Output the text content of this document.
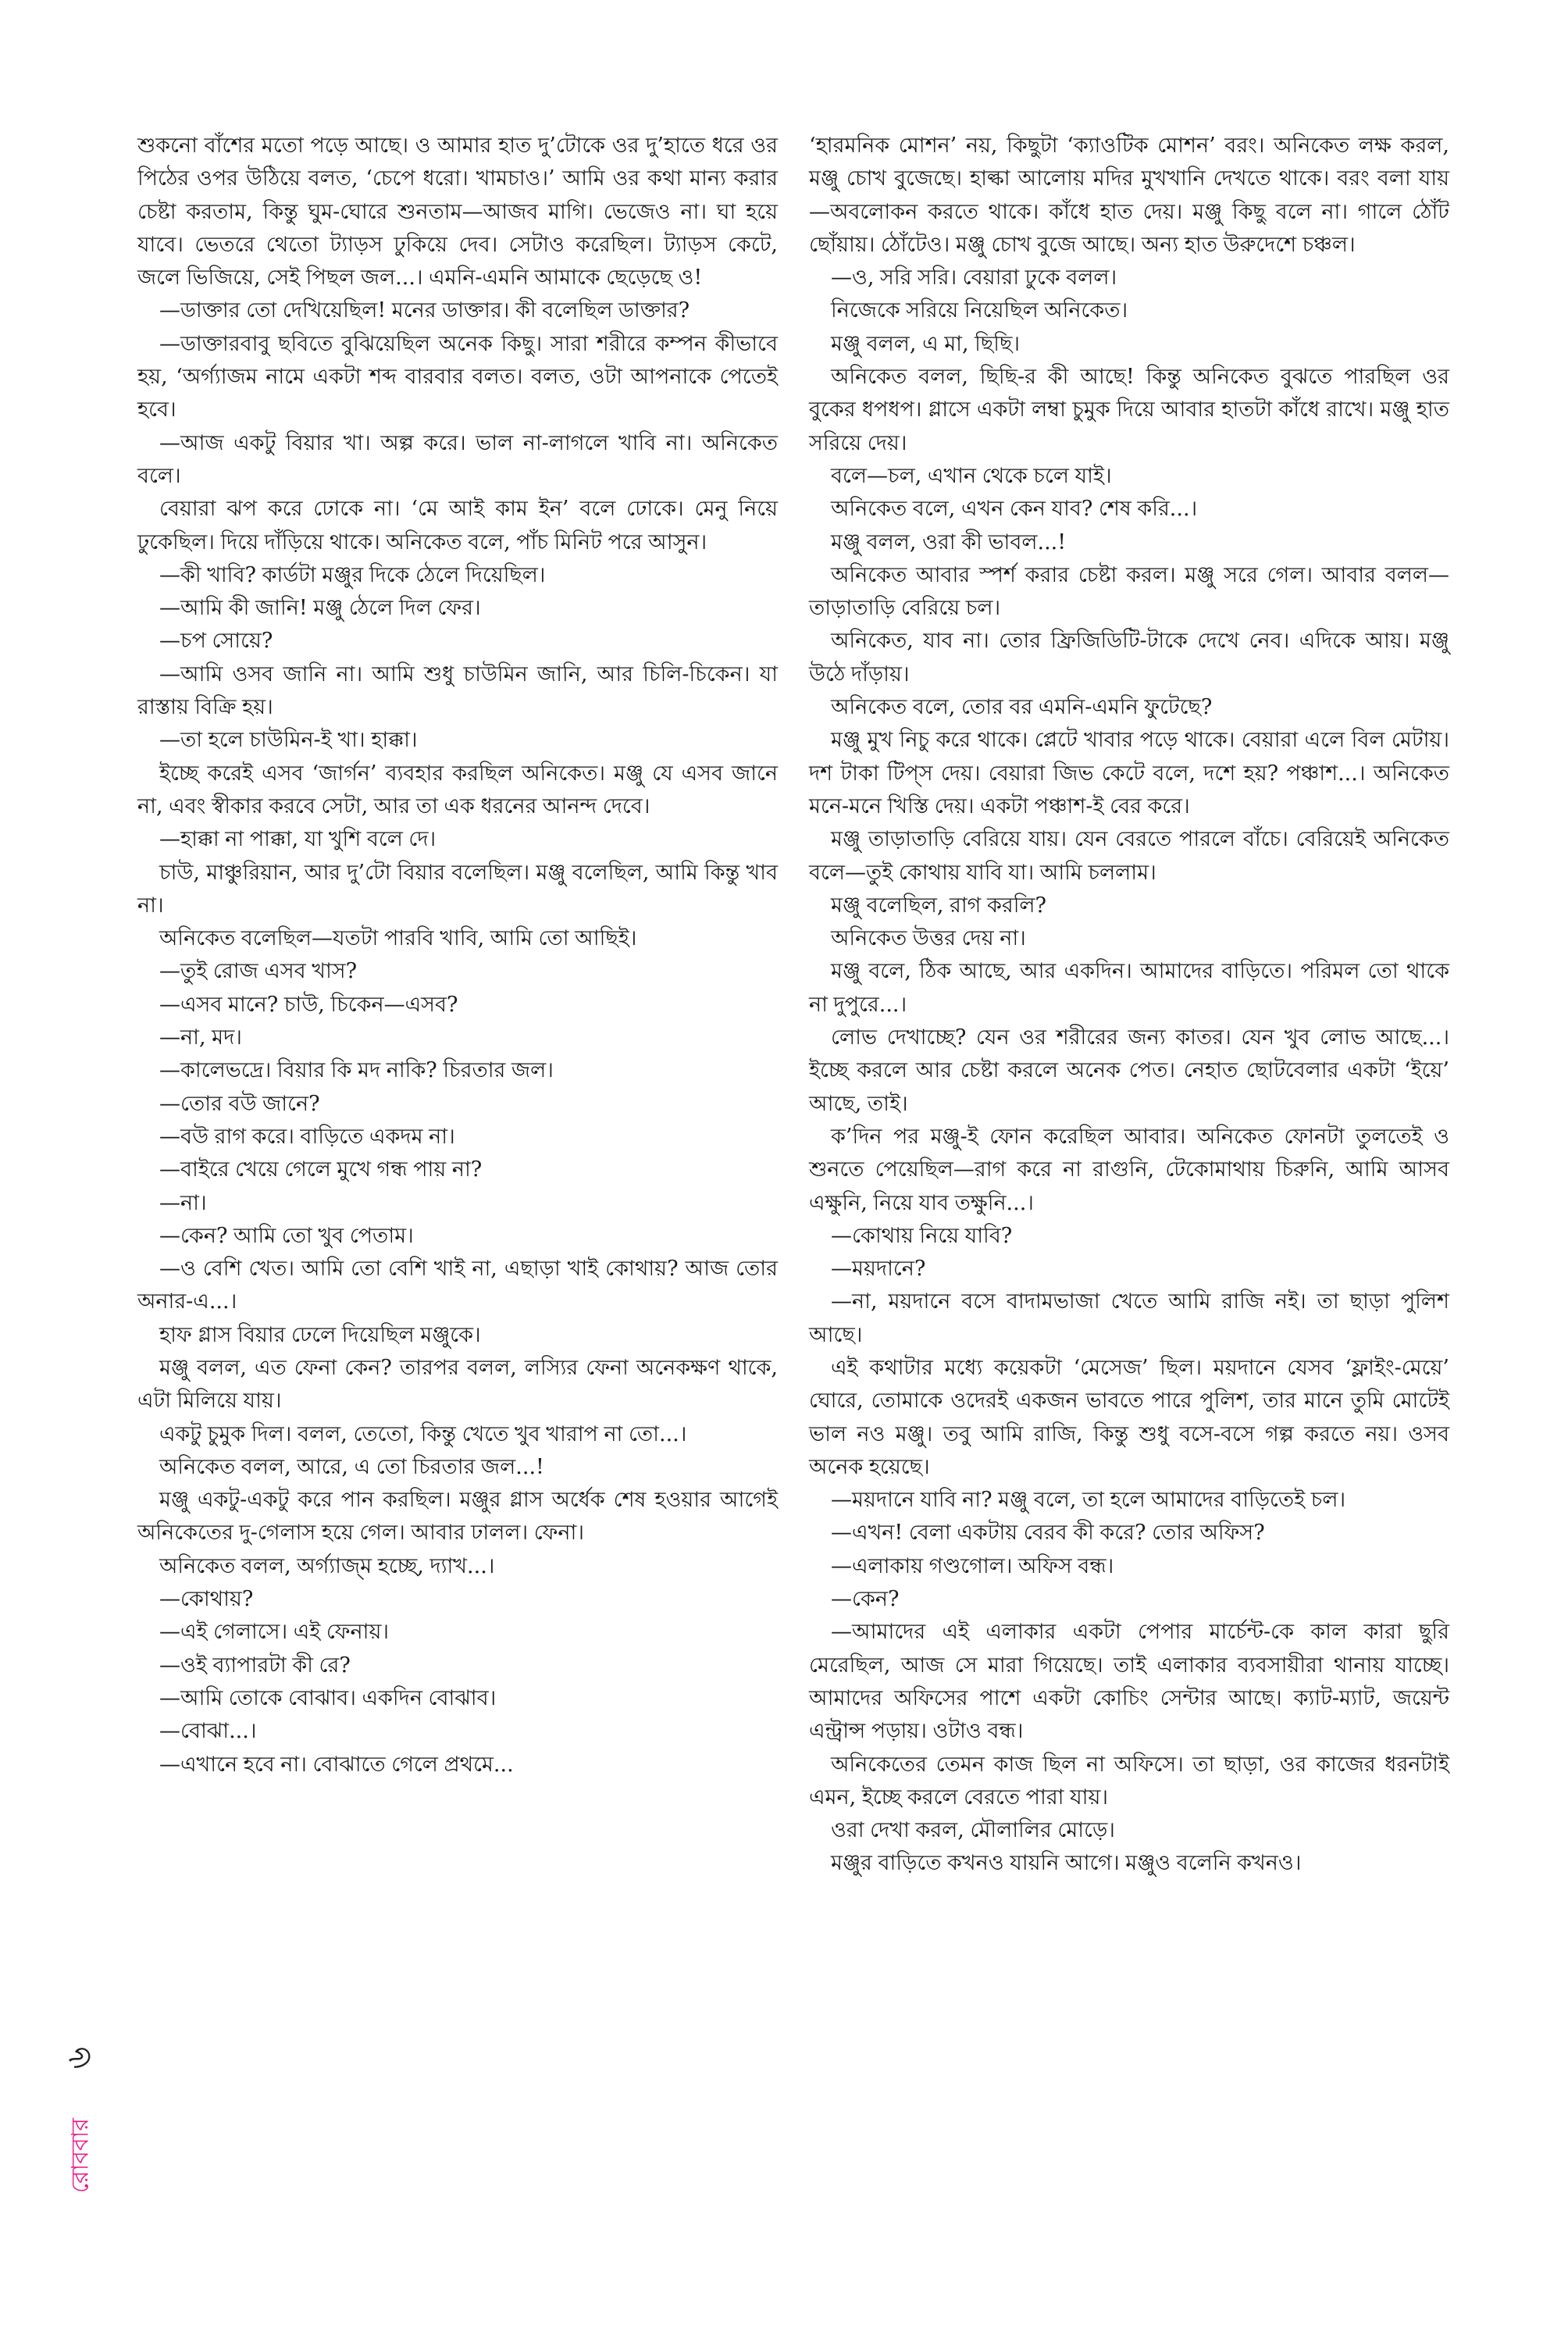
শুকনো বাঁশের মতো পড়ে আছে। ও আমার হাত দু’টোকে ওর দু’হাতে ধরে ওর পিঠের ওপর উঠিয়ে বলত, ‘চেপে ধরো। খামচাও।’ আমি ওর কথা মান্য করার চেষ্টা করতাম, কিন্তু ঘুম-ঘোরে শুনতাম—আজব মাগি। ভেজেও না। ঘা হয়ে যাবে। ভেতরে থেতো ট্যাড়স ঢুকিয়ে দেব। সেটাও করেছিল। ট্যাড়স কেটে, জলে ভিজিয়ে, সেই পিছল জল...। এমনি-এমনি আমাকে ছেড়েছে ও!

—ডাক্তার তো দেখিয়েছিল! মনের ডাক্তার। কী বলেছিল ডাক্তার?

—ডাক্তারবাবু ছবিতে বুঝিয়েছিল অনেক কিছু। সারা শরীরে কম্পন কীভাবে হয়, ‘অর্গ্যাজম নামে একটা শব্দ বারবার বলত। বলত, ওটা আপনাকে পেতেই হবে।

—আজ একটু বিয়ার খা। অল্প করে। ভাল না-লাগলে খাবি না। অনিকেত বলে।

বেয়ারা ঝপ করে ঢোকে না। ‘মে আই কাম ইন’ বলে ঢোকে। মেনু নিয়ে ঢুকেছিল। দিয়ে দাঁড়িয়ে থাকে। অনিকেত বলে, পাঁচ মিনিট পরে আসুন।

—কী খাবি? কার্ডটা মঞ্জুর দিকে ঠেলে দিয়েছিল।

—আমি কী জানি! মঞ্জু ঠেলে দিল ফের।

—চপ সোয়ে?

—আমি ওসব জানি না। আমি শুধু চাউমিন জানি, আর চিলি-চিকেন। যা রাস্তায় বিক্রি হয়।

—তা হলে চাউমিন-ই খা। হাক্কা।

ইচ্ছে করেই এসব ‘জার্গন’ ব্যবহার করছিল অনিকেত। মঞ্জু যে এসব জানে না, এবং স্বীকার করবে সেটা, আর তা এক ধরনের আনন্দ দেবে।

—হাক্কা না পাক্কা, যা খুশি বলে দে।

চাউ, মাঞ্চুরিয়ান, আর দু’টো বিয়ার বলেছিল। মঞ্জু বলেছিল, আমি কিন্তু খাব না।

অনিকেত বলেছিল—যতটা পারবি খাবি, আমি তো আছিই।

—তুই রোজ এসব খাস?

—এসব মানে? চাউ, চিকেন—এসব?

—না, মদ।

—কালেভদ্রে। বিয়ার কি মদ নাকি? চিরতার জল।

—তোর বউ জানে?

—বউ রাগ করে। বাড়িতে একদম না।

—বাইরে খেয়ে গেলে মুখে গন্ধ পায় না?

—না।

—কেন? আমি তো খুব পেতাম।

—ও বেশি খেত। আমি তো বেশি খাই না, এছাড়া খাই কোথায়? আজ তোর অনার-এ...।

হাফ গ্লাস বিয়ার ঢেলে দিয়েছিল মঞ্জুকে।

মঞ্জু বলল, এত ফেনা কেন? তারপর বলল, লস্যির ফেনা অনেকক্ষণ থাকে, এটা মিলিয়ে যায়।

একটু চুমুক দিল। বলল, তেতো, কিন্তু খেতে খুব খারাপ না তো...।

অনিকেত বলল, আরে, এ তো চিরতার জল...!

মঞ্জু একটু-একটু করে পান করছিল। মঞ্জুর গ্লাস অর্ধেক শেষ হওয়ার আগেই অনিকেতের দু-গেলাস হয়ে গেল। আবার ঢালল। ফেনা।

অনিকেত বলল, অর্গ্যাজ্‌ম হচ্ছে, দ্যাখ...।

—কোথায়?

—এই গেলাসে। এই ফেনায়।

—ওই ব্যাপারটা কী রে?

—আমি তোকে বোঝাব। একদিন বোঝাব।

—বোঝা...।

—এখানে হবে না। বোঝাতে গেলে প্রথমে...

‘হারমনিক মোশন’ নয়, কিছুটা ‘ক্যাওটিক মোশন’ বরং। অনিকেত লক্ষ করল, মঞ্জু চোখ বুজেছে। হাল্কা আলোয় মদির মুখখানি দেখতে থাকে। বরং বলা যায়—অবলোকন করতে থাকে। কাঁধে হাত দেয়। মঞ্জু কিছু বলে না। গালে ঠোঁট ছোঁয়ায়। ঠোঁটেও। মঞ্জু চোখ বুজে আছে। অন্য হাত উরুদেশে চঞ্চল।

—ও, সরি সরি। বেয়ারা ঢুকে বলল।

নিজেকে সরিয়ে নিয়েছিল অনিকেত।

মঞ্জু বলল, এ মা, ছিছি।

অনিকেত বলল, ছিছি-র কী আছে! কিন্তু অনিকেত বুঝতে পারছিল ওর বুকের ধপধপ। গ্লাসে একটা লম্বা চুমুক দিয়ে আবার হাতটা কাঁধে রাখে। মঞ্জু হাত সরিয়ে দেয়।

বলে—চল, এখান থেকে চলে যাই।

অনিকেত বলে, এখন কেন যাব? শেষ করি...।

মঞ্জু বলল, ওরা কী ভাবল...!

অনিকেত আবার স্পর্শ করার চেষ্টা করল। মঞ্জু সরে গেল। আবার বলল—তাড়াতাড়ি বেরিয়ে চল।

অনিকেত, যাব না। তোর ফ্রিজিডিটি-টাকে দেখে নেব। এদিকে আয়। মঞ্জু উঠে দাঁড়ায়।

অনিকেত বলে, তোর বর এমনি-এমনি ফুটেছে?

মঞ্জু মুখ নিচু করে থাকে। প্লেটে খাবার পড়ে থাকে। বেয়ারা এলে বিল মেটায়। দশ টাকা টিপ্‌স দেয়। বেয়ারা জিভ কেটে বলে, দশে হয়? পঞ্চাশ...। অনিকেত মনে-মনে খিস্তি দেয়। একটা পঞ্চাশ-ই বের করে।

মঞ্জু তাড়াতাড়ি বেরিয়ে যায়। যেন বেরতে পারলে বাঁচে। বেরিয়েই অনিকেত বলে—তুই কোথায় যাবি যা। আমি চললাম।

মঞ্জু বলেছিল, রাগ করলি?

অনিকেত উত্তর দেয় না।

মঞ্জু বলে, ঠিক আছে, আর একদিন। আমাদের বাড়িতে। পরিমল তো থাকে না দুপুরে...।

লোভ দেখাচ্ছে? যেন ওর শরীরের জন্য কাতর। যেন খুব লোভ আছে...। ইচ্ছে করলে আর চেষ্টা করলে অনেক পেত। নেহাত ছোটবেলার একটা ‘ইয়ে’ আছে, তাই।

ক’দিন পর মঞ্জু-ই ফোন করেছিল আবার। অনিকেত ফোনটা তুলতেই ও শুনতে পেয়েছিল—রাগ করে না রাগুনি, টেকোমাথায় চিরুনি, আমি আসব এক্ষুনি, নিয়ে যাব তক্ষুনি...।

—কোথায় নিয়ে যাবি?

—ময়দানে?

—না, ময়দানে বসে বাদামভাজা খেতে আমি রাজি নই। তা ছাড়া পুলিশ আছে।

এই কথাটার মধ্যে কয়েকটা ‘মেসেজ’ ছিল। ময়দানে যেসব ‘ফ্লাইং-মেয়ে’ ঘোরে, তোমাকে ওদেরই একজন ভাবতে পারে পুলিশ, তার মানে তুমি মোটেই ভাল নও মঞ্জু। তবু আমি রাজি, কিন্তু শুধু বসে-বসে গল্প করতে নয়। ওসব অনেক হয়েছে।

—ময়দানে যাবি না? মঞ্জু বলে, তা হলে আমাদের বাড়িতেই চল।

—এখন! বেলা একটায় বেরব কী করে? তোর অফিস?

—এলাকায় গণ্ডগোল। অফিস বন্ধ।

—কেন?

—আমাদের এই এলাকার একটা পেপার মার্চেন্ট-কে কাল কারা ছুরি মেরেছিল, আজ সে মারা গিয়েছে। তাই এলাকার ব্যবসায়ীরা থানায় যাচ্ছে। আমাদের অফিসের পাশে একটা কোচিং সেন্টার আছে। ক্যাট-ম্যাট, জয়েন্ট এন্ট্রান্স পড়ায়। ওটাও বন্ধ।

অনিকেতের তেমন কাজ ছিল না অফিসে। তা ছাড়া, ওর কাজের ধরনটাই এমন, ইচ্ছে করলে বেরতে পারা যায়।

ওরা দেখা করল, মৌলালির মোড়ে।

মঞ্জুর বাড়িতে কখনও যায়নি আগে। মঞ্জুও বলেনি কখনও।

৬
রোববার
